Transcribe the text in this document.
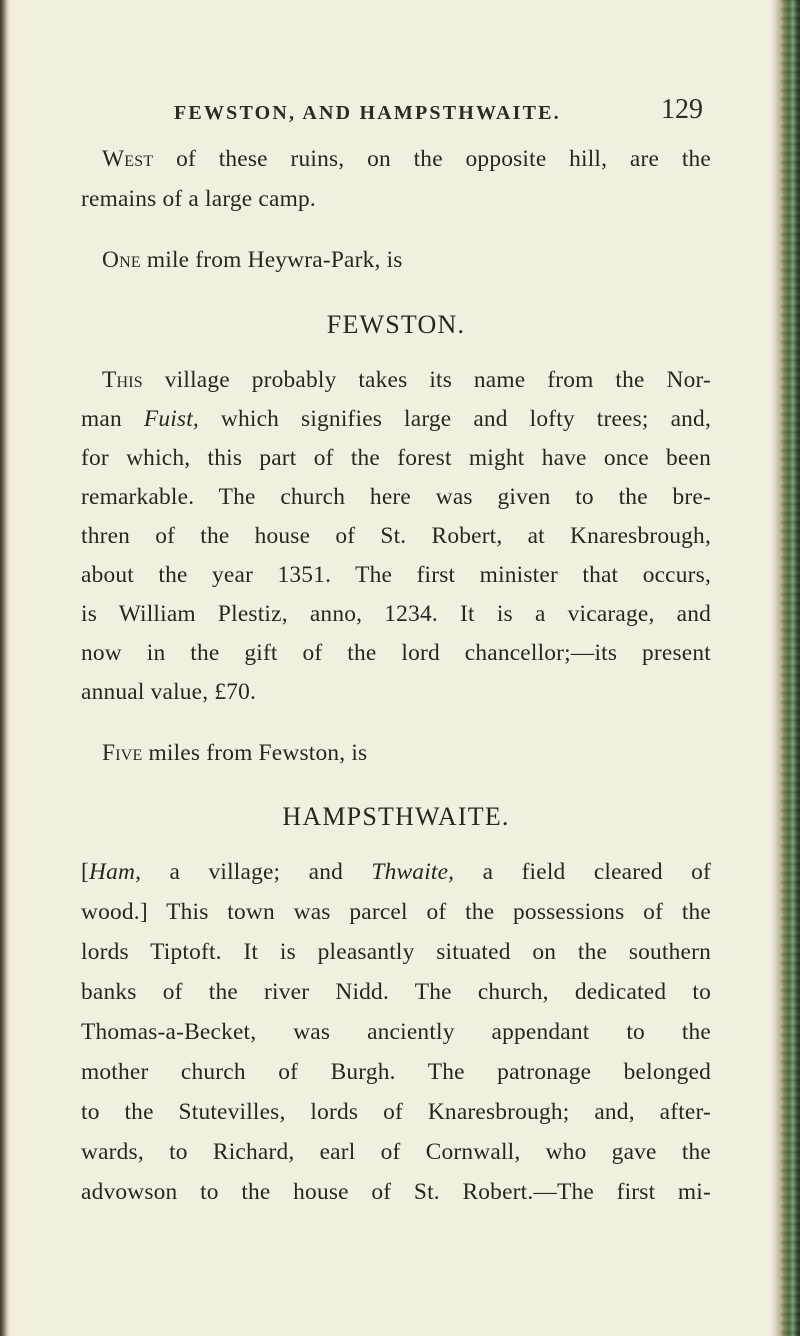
FEWSTON, AND HAMPSTHWAITE.	129
West of these ruins, on the opposite hill, are the
remains of a large camp.
One mile from Heywra-Park, is
FEWSTON.
This village probably takes its name from the Nor-
man Fuist, which signifies large and lofty trees; and,
for which, this part of the forest might have once been
remarkable. The church here was given to the bre-
thren of the house of St. Robert, at Knaresbrough,
about the year 1351. The first minister that occurs,
is William Plestiz, anno, 1234. It is a vicarage, and
now in the gift of the lord chancellor;—its present
annual value, £70.
Five miles from Fewston, is
HAMPSTHWAITE.
[Ham, a village; and Thwaite, a field cleared of
wood.] This town was parcel of the possessions of the
lords Tiptoft. It is pleasantly situated on the southern
banks of the river Nidd. The church, dedicated to
Thomas-a-Becket, was anciently appendant to the
mother church of Burgh. The patronage belonged
to the Stutevilles, lords of Knaresbrough; and, after-
wards, to Richard, earl of Cornwall, who gave the
advowson to the house of St. Robert.—The first mi-
